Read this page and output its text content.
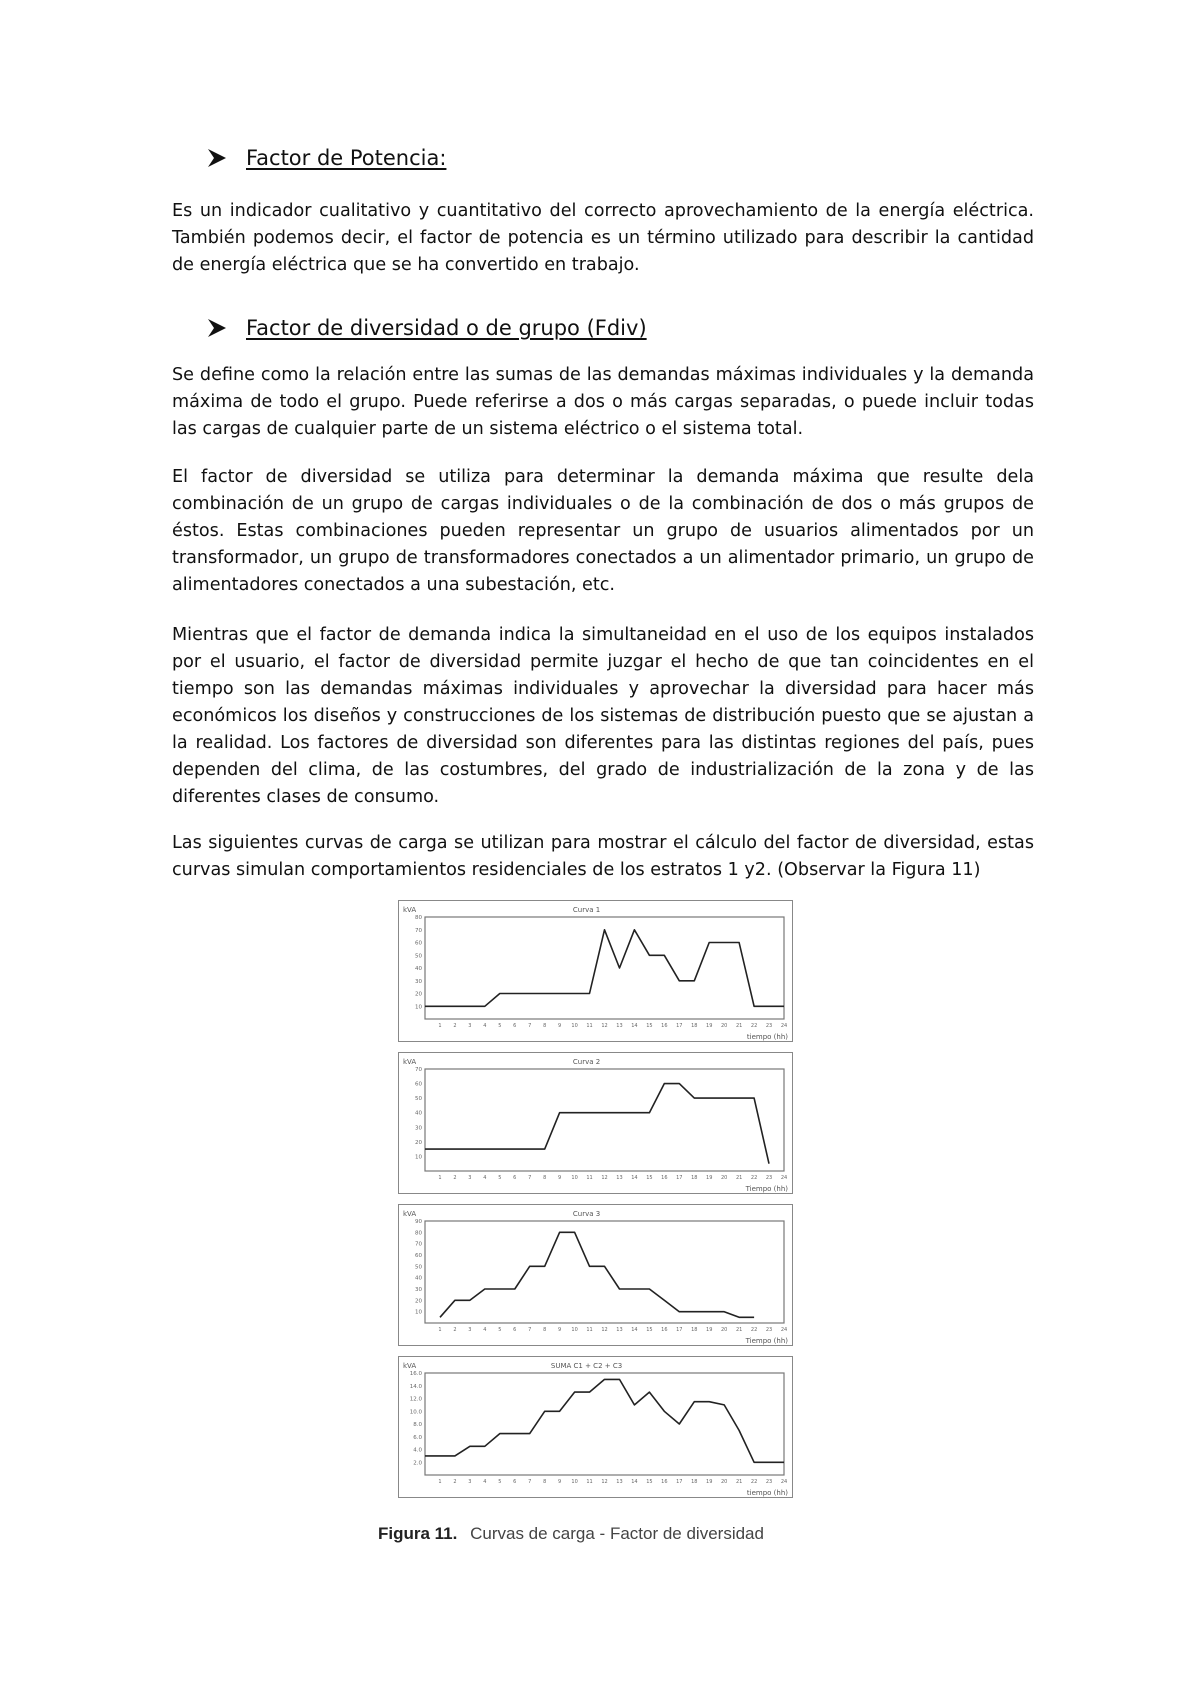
Factor de Potencia:
Es un indicador cualitativo y cuantitativo del correcto aprovechamiento de la energía eléctrica. También podemos decir, el factor de potencia es un término utilizado para describir la cantidad de energía eléctrica que se ha convertido en trabajo.
Factor de diversidad o de grupo (Fdiv)
Se define como la relación entre las sumas de las demandas máximas individuales y la demanda máxima de todo el grupo. Puede referirse a dos o más cargas separadas, o puede incluir todas las cargas de cualquier parte de un sistema eléctrico o el sistema total.
El factor de diversidad se utiliza para determinar la demanda máxima que resulte dela combinación de un grupo de cargas individuales o de la combinación de dos o más grupos de éstos. Estas combinaciones pueden representar un grupo de usuarios alimentados por un transformador, un grupo de transformadores conectados a un alimentador primario, un grupo de alimentadores conectados a una subestación, etc.
Mientras que el factor de demanda indica la simultaneidad en el uso de los equipos instalados por el usuario, el factor de diversidad permite juzgar el hecho de que tan coincidentes en el tiempo son las demandas máximas individuales y aprovechar la diversidad para hacer más económicos los diseños y construcciones de los sistemas de distribución puesto que se ajustan a la realidad. Los factores de diversidad son diferentes para las distintas regiones del país, pues dependen del clima, de las costumbres, del grado de industrialización de la zona y de las diferentes clases de consumo.
Las siguientes curvas de carga se utilizan para mostrar el cálculo del factor de diversidad, estas curvas simulan comportamientos residenciales de los estratos 1 y2. (Observar la Figura 11)
kVA	Curva 1
tiempo (hh)
10
20
30
40
50
60
70
80
1 2 3 4 5 6 7 8 9 10 11 12 13 14 15 16 17 18 19 20 21 22 23 24
kVA	Curva 2
Tiempo (hh)
10
20
30
40
50
60
70
1 2 3 4 5 6 7 8 9 10 11 12 13 14 15 16 17 18 19 20 21 22 23 24
kVA	Curva 3
Tiempo (hh)
10
20
30
40
50
60
70
80
90
1 2 3 4 5 6 7 8 9 10 11 12 13 14 15 16 17 18 19 20 21 22 23 24
kVA	SUMA C1 + C2 + C3
tiempo (hh)
2.0
4.0
6.0
8.0
10.0
12.0
14.0
16.0
1 2 3 4 5 6 7 8 9 10 11 12 13 14 15 16 17 18 19 20 21 22 23 24
Figura 11. Curvas de carga - Factor de diversidad
